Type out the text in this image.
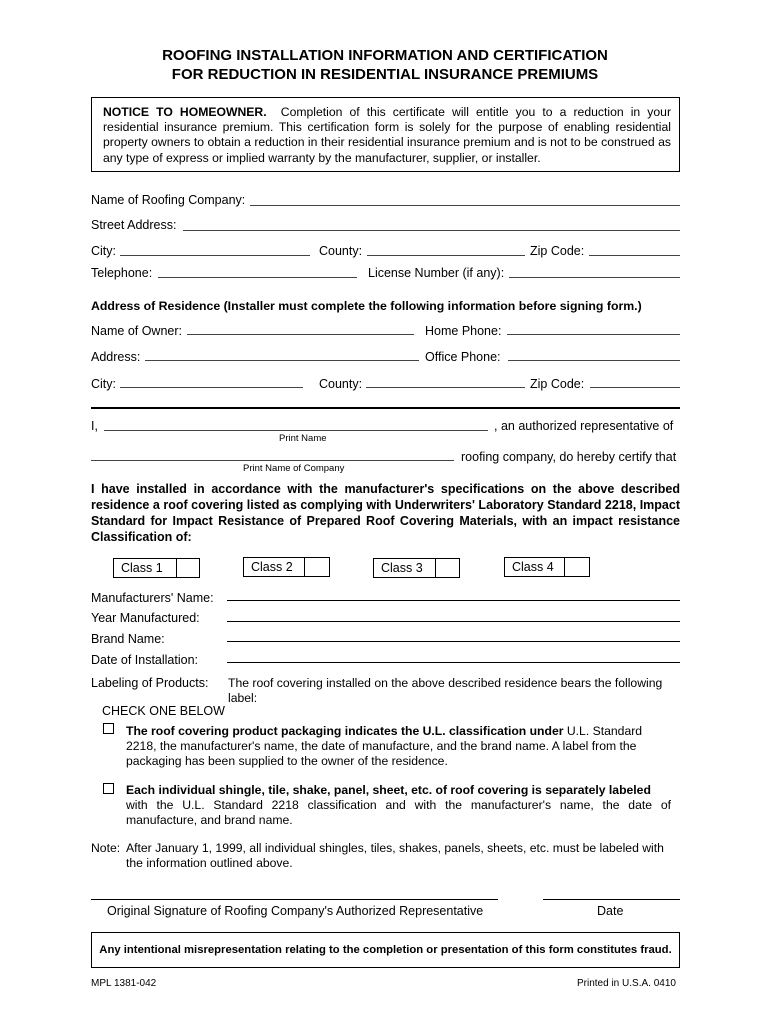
ROOFING INSTALLATION INFORMATION AND CERTIFICATION
FOR REDUCTION IN RESIDENTIAL INSURANCE PREMIUMS
NOTICE TO HOMEOWNER. Completion of this certificate will entitle you to a reduction in your residential insurance premium. This certification form is solely for the purpose of enabling residential property owners to obtain a reduction in their residential insurance premium and is not to be construed as any type of express or implied warranty by the manufacturer, supplier, or installer.
Name of Roofing Company:
Street Address:
City:	County:	Zip Code:
Telephone:	License Number (if any):
Address of Residence (Installer must complete the following information before signing form.)
Name of Owner:	Home Phone:
Address:	Office Phone:
City:	County:	Zip Code:
I,	, an authorized representative of
Print Name
roofing company, do hereby certify that
Print Name of Company
I have installed in accordance with the manufacturer's specifications on the above described residence a roof covering listed as complying with Underwriters' Laboratory Standard 2218, Impact Standard for Impact Resistance of Prepared Roof Covering Materials, with an impact resistance Classification of:
Class 1	Class 2	Class 3	Class 4
Manufacturers' Name:
Year Manufactured:
Brand Name:
Date of Installation:
Labeling of Products: The roof covering installed on the above described residence bears the following label:
CHECK ONE BELOW
The roof covering product packaging indicates the U.L. classification under U.L. Standard
2218, the manufacturer's name, the date of manufacture, and the brand name. A label from the packaging has been supplied to the owner of the residence.
Each individual shingle, tile, shake, panel, sheet, etc. of roof covering is separately labeled
with the U.L. Standard 2218 classification and with the manufacturer's name, the date of manufacture, and brand name.
Note: After January 1, 1999, all individual shingles, tiles, shakes, panels, sheets, etc. must be labeled with the information outlined above.
Original Signature of Roofing Company's Authorized Representative	Date
Any intentional misrepresentation relating to the completion or presentation of this form constitutes fraud.
MPL 1381-042	Printed in U.S.A. 0410
